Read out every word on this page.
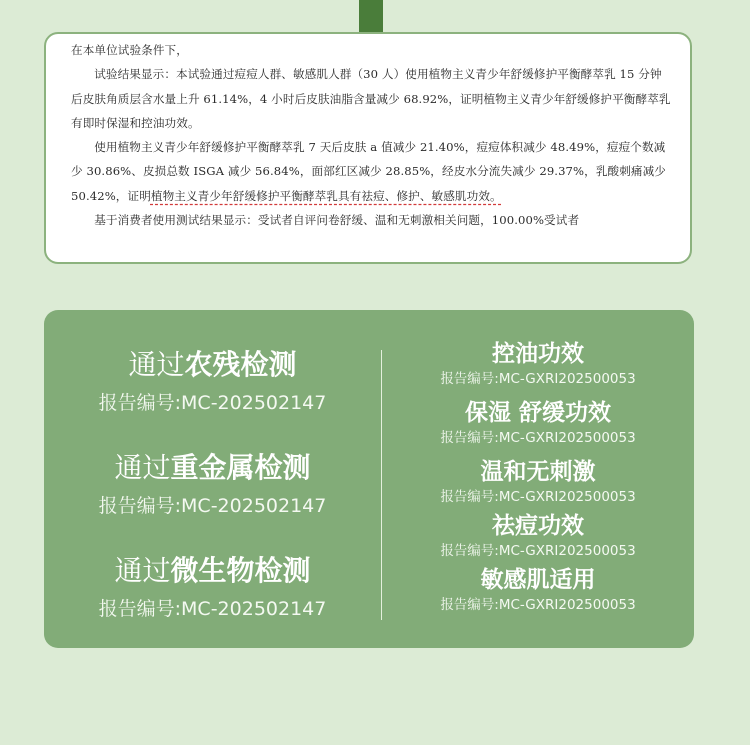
在本单位试验条件下，

试验结果显示：本试验通过痘痘人群、敏感肌人群（30 人）使用植物主义青少年舒缓修护平衡酵萃乳 15 分钟后皮肤角质层含水量上升 61.14%，4 小时后皮肤油脂含量减少 68.92%，证明植物主义青少年舒缓修护平衡酵萃乳有即时保湿和控油功效。

使用植物主义青少年舒缓修护平衡酵萃乳 7 天后皮肤 a 值减少 21.40%，痘痘体积减少 48.49%，痘痘个数减少 30.86%、皮损总数 ISGA 减少 56.84%，面部红区减少 28.85%，经皮水分流失减少 29.37%，乳酸刺痛减少 50.42%，证明植物主义青少年舒缓修护平衡酵萃乳具有祛痘、修护、敏感肌功效。

基于消费者使用测试结果显示：受试者自评问卷舒缓、温和无刺激相关问题，100.00%受试者

通过农残检测
报告编号:MC-202502147
通过重金属检测
报告编号:MC-202502147
通过微生物检测
报告编号:MC-202502147
控油功效
报告编号:MC-GXRI202500053
保湿 舒缓功效
报告编号:MC-GXRI202500053
温和无刺激
报告编号:MC-GXRI202500053
祛痘功效
报告编号:MC-GXRI202500053
敏感肌适用
报告编号:MC-GXRI202500053
